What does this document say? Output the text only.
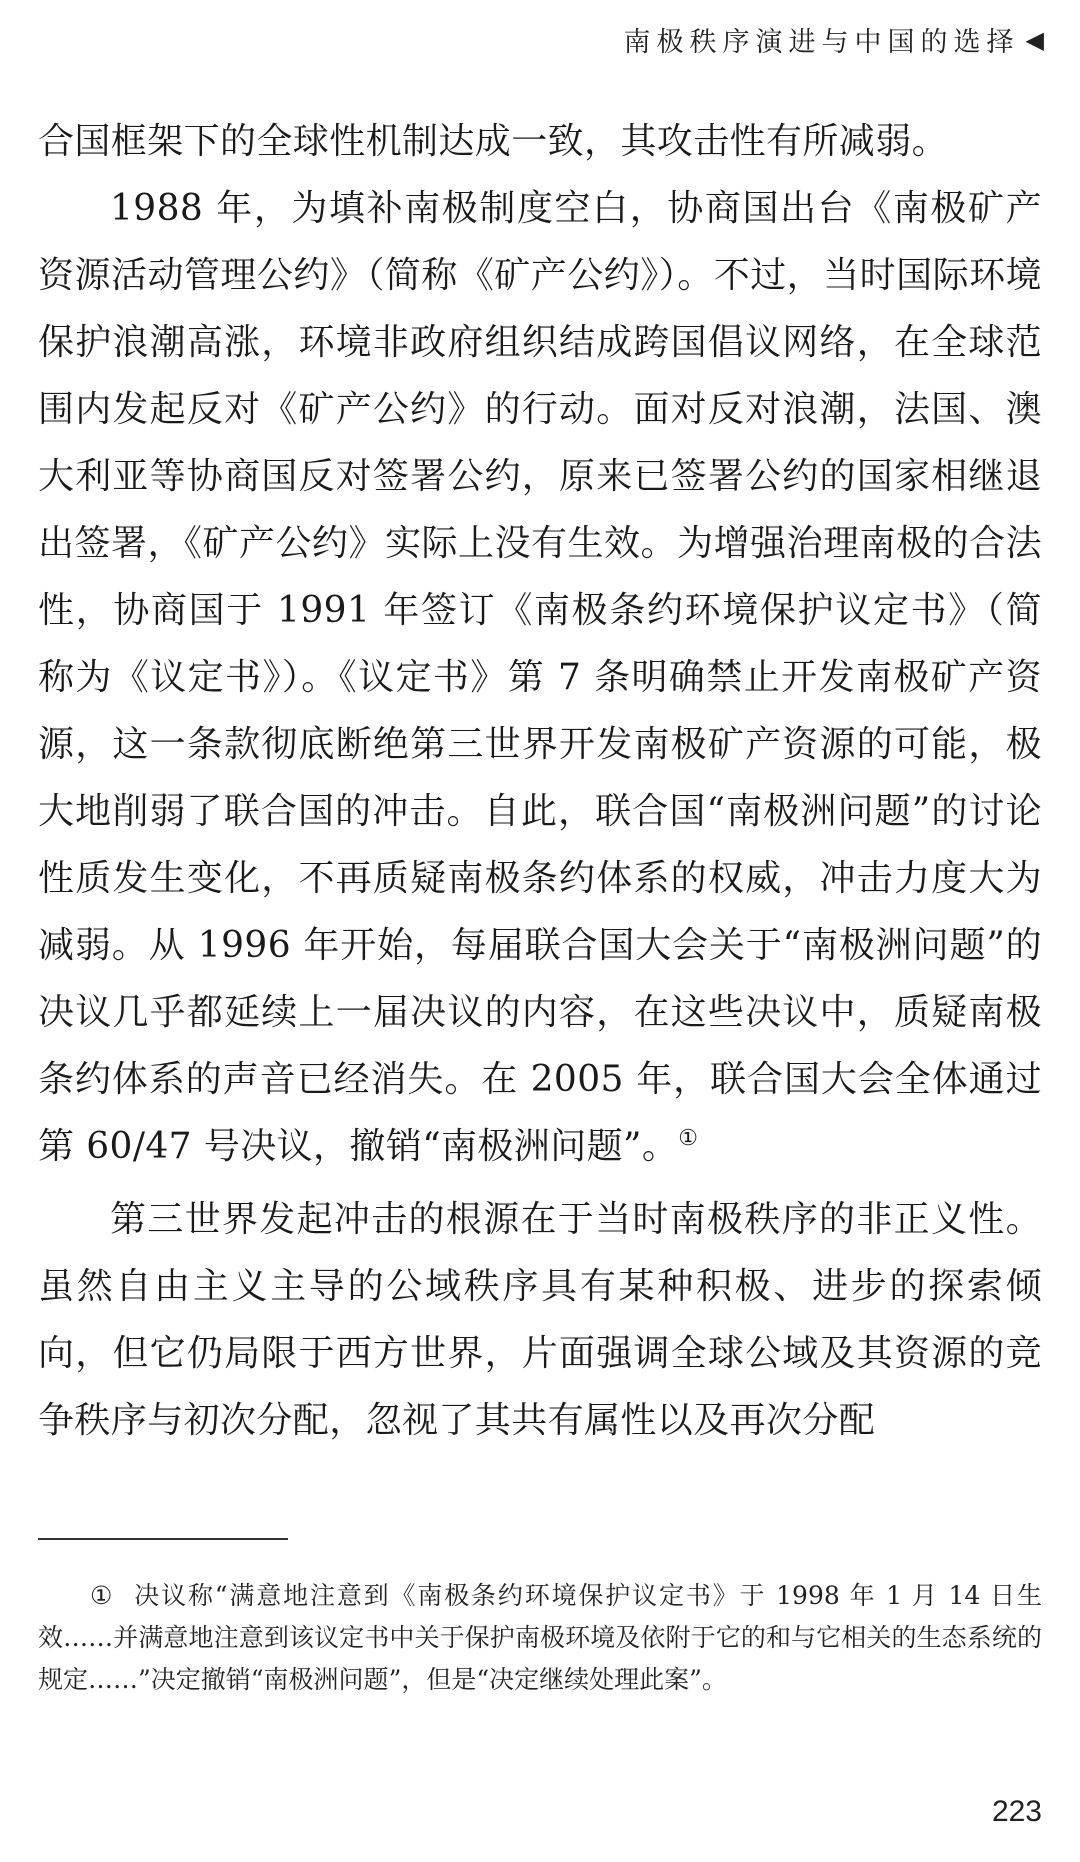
南极秩序演进与中国的选择 ◀

合国框架下的全球性机制达成一致，其攻击性有所减弱。

1988 年，为填补南极制度空白，协商国出台《南极矿产资源活动管理公约》（简称《矿产公约》）。不过，当时国际环境保护浪潮高涨，环境非政府组织结成跨国倡议网络，在全球范围内发起反对《矿产公约》的行动。面对反对浪潮，法国、澳大利亚等协商国反对签署公约，原来已签署公约的国家相继退出签署，《矿产公约》实际上没有生效。为增强治理南极的合法性，协商国于 1991 年签订《南极条约环境保护议定书》（简称为《议定书》）。《议定书》第 7 条明确禁止开发南极矿产资源，这一条款彻底断绝第三世界开发南极矿产资源的可能，极大地削弱了联合国的冲击。自此，联合国“南极洲问题”的讨论性质发生变化，不再质疑南极条约体系的权威，冲击力度大为减弱。从 1996 年开始，每届联合国大会关于“南极洲问题”的决议几乎都延续上一届决议的内容，在这些决议中，质疑南极条约体系的声音已经消失。在 2005 年，联合国大会全体通过第 60/47 号决议，撤销“南极洲问题”。①

第三世界发起冲击的根源在于当时南极秩序的非正义性。虽然自由主义主导的公域秩序具有某种积极、进步的探索倾向，但它仍局限于西方世界，片面强调全球公域及其资源的竞争秩序与初次分配，忽视了其共有属性以及再次分配

① 决议称“满意地注意到《南极条约环境保护议定书》于 1998 年 1 月 14 日生效……并满意地注意到该议定书中关于保护南极环境及依附于它的和与它相关的生态系统的规定……”决定撤销“南极洲问题”，但是“决定继续处理此案”。
223
